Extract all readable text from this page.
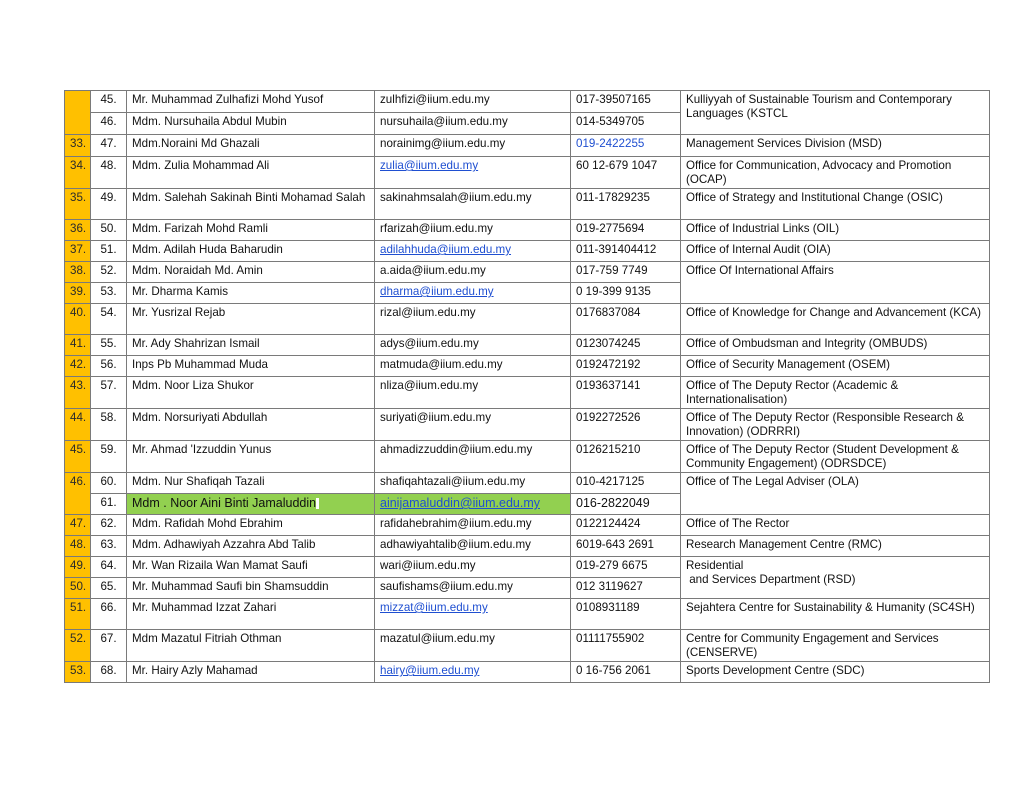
	45.	Mr. Muhammad Zulhafizi Mohd Yusof	zulhfizi@iium.edu.my	017-39507165	Kulliyyah of Sustainable Tourism and Contemporary Languages (KSTCL
	46.	Mdm. Nursuhaila Abdul Mubin	nursuhaila@iium.edu.my	014-5349705	
33.	47.	Mdm.Noraini Md Ghazali	norainimg@iium.edu.my	019-2422255	Management Services Division (MSD)
34.	48.	Mdm. Zulia Mohammad Ali	zulia@iium.edu.my	60 12-679 1047	Office for Communication, Advocacy and Promotion (OCAP)
35.	49.	Mdm. Salehah Sakinah Binti Mohamad Salah	sakinahmsalah@iium.edu.my	011-17829235	Office of Strategy and Institutional Change (OSIC)
36.	50.	Mdm. Farizah Mohd Ramli	rfarizah@iium.edu.my	019-2775694	Office of Industrial Links (OIL)
37.	51.	Mdm. Adilah Huda Baharudin	adilahhuda@iium.edu.my	011-391404412	Office of Internal Audit (OIA)
38.	52.	Mdm. Noraidah Md. Amin	a.aida@iium.edu.my	017-759 7749	Office Of International Affairs
39.	53.	Mr. Dharma Kamis	dharma@iium.edu.my	0 19-399 9135	
40.	54.	Mr. Yusrizal Rejab	rizal@iium.edu.my	0176837084	Office of Knowledge for Change and Advancement (KCA)
41.	55.	Mr. Ady Shahrizan Ismail	adys@iium.edu.my	0123074245	Office of Ombudsman and Integrity (OMBUDS)
42.	56.	Inps Pb Muhammad Muda	matmuda@iium.edu.my	0192472192	Office of Security Management (OSEM)
43.	57.	Mdm. Noor Liza Shukor	nliza@iium.edu.my	0193637141	Office of The Deputy Rector (Academic & Internationalisation)
44.	58.	Mdm. Norsuriyati Abdullah	suriyati@iium.edu.my	0192272526	Office of The Deputy Rector (Responsible Research & Innovation) (ODRRRI)
45.	59.	Mr. Ahmad 'Izzuddin Yunus	ahmadizzuddin@iium.edu.my	0126215210	Office of The Deputy Rector (Student Development & Community Engagement) (ODRSDCE)
46.	60.	Mdm. Nur Shafiqah Tazali	shafiqahtazali@iium.edu.my	010-4217125	Office of The Legal Adviser (OLA)
	61.	Mdm . Noor Aini Binti Jamaluddin	ainijamaluddin@iium.edu.my	016-2822049	
47.	62.	Mdm. Rafidah Mohd Ebrahim	rafidahebrahim@iium.edu.my	0122124424	Office of The Rector
48.	63.	Mdm. Adhawiyah Azzahra Abd Talib	adhawiyahtalib@iium.edu.my	6019-643 2691	Research Management Centre (RMC)
49.	64.	Mr. Wan Rizaila Wan Mamat Saufi	wari@iium.edu.my	019-279 6675	Residential
and Services Department (RSD)

50.	65.	Mr. Muhammad Saufi bin Shamsuddin	saufishams@iium.edu.my	012 3119627	
51.	66.	Mr. Muhammad Izzat Zahari	mizzat@iium.edu.my	0108931189	Sejahtera Centre for Sustainability & Humanity (SC4SH)
52.	67.	Mdm Mazatul Fitriah Othman	mazatul@iium.edu.my	01111755902	Centre for Community Engagement and Services (CENSERVE)
53.	68.	Mr. Hairy Azly Mahamad	hairy@iium.edu.my	0 16-756 2061	Sports Development Centre (SDC)
